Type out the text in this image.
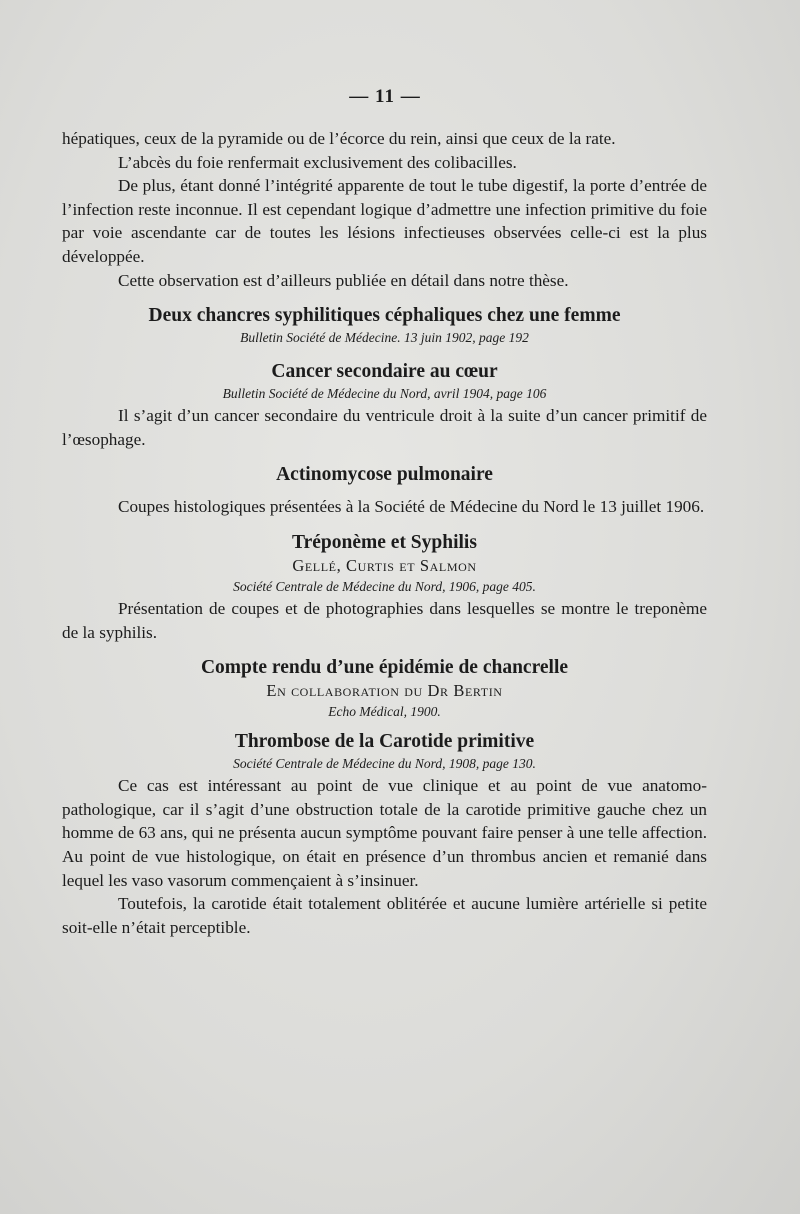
— 11 —

hépatiques, ceux de la pyramide ou de l’écorce du rein, ainsi que ceux de la rate.

L’abcès du foie renfermait exclusivement des colibacilles.

De plus, étant donné l’intégrité apparente de tout le tube digestif, la porte d’entrée de l’infection reste inconnue. Il est cependant logique d’admettre une infection primitive du foie par voie ascendante car de toutes les lésions infectieuses observées celle-ci est la plus développée.

Cette observation est d’ailleurs publiée en détail dans notre thèse.

Deux chancres syphilitiques céphaliques chez une femme
Bulletin Société de Médecine. 13 juin 1902, page 192
Cancer secondaire au cœur
Bulletin Société de Médecine du Nord, avril 1904, page 106

Il s’agit d’un cancer secondaire du ventricule droit à la suite d’un cancer primitif de l’œsophage.

Actinomycose pulmonaire

Coupes histologiques présentées à la Société de Médecine du Nord le 13 juillet 1906.

Tréponème et Syphilis
Gellé, Curtis et Salmon
Société Centrale de Médecine du Nord, 1906, page 405.

Présentation de coupes et de photographies dans lesquelles se montre le treponème de la syphilis.

Compte rendu d’une épidémie de chancrelle
En collaboration du Dr Bertin
Echo Médical, 1900.
Thrombose de la Carotide primitive
Société Centrale de Médecine du Nord, 1908, page 130.

Ce cas est intéressant au point de vue clinique et au point de vue anatomo-pathologique, car il s’agit d’une obstruction totale de la carotide primitive gauche chez un homme de 63 ans, qui ne présenta aucun symptôme pouvant faire penser à une telle affection. Au point de vue histologique, on était en présence d’un thrombus ancien et remanié dans lequel les vaso vasorum commençaient à s’insinuer.

Toutefois, la carotide était totalement oblitérée et aucune lumière artérielle si petite soit-elle n’était perceptible.
